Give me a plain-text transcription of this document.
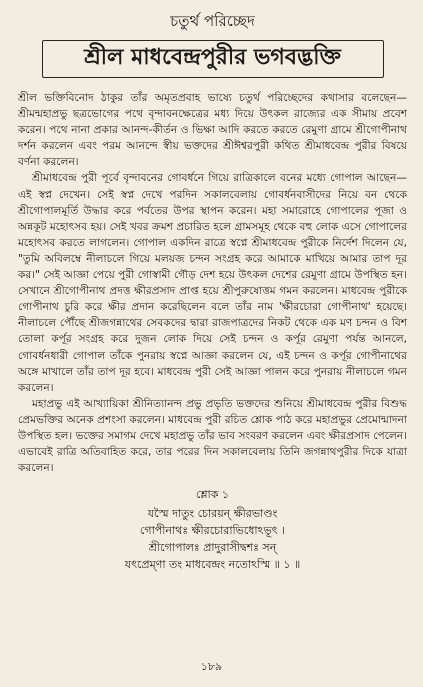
চতুর্থ পরিচ্ছেদ
শ্রীল মাধবেন্দ্রপুরীর ভগবদ্ভক্তি

শ্রীল ভক্তিবিনোদ ঠাকুর তাঁর অমৃতপ্রবাহ ভাষ্যে চতুর্থ পরিচ্ছেদের কথাসার বলেছেন—শ্রীমন্মহাপ্রভু ছত্রভোগের পথে বৃন্দাবনক্ষেত্রের মধ্য দিয়ে উৎকল রাজ্যের এক সীমায় প্রবেশ করেন। পথে নানা প্রকার আনন্দ-কীর্তন ও ভিক্ষা আদি করতে করতে রেমুণা গ্রামে শ্রীগোপীনাথ দর্শন করলেন এবং পরম আনন্দে স্বীয় ভক্তদের শ্রীঈশ্বরপুরী কথিত শ্রীমাধবেন্দ্র পুরীর বিষয়ে বর্ণনা করলেন।

শ্রীমাধবেন্দ্র পুরী পূর্বে বৃন্দাবনের গোবর্ধনে গিয়ে রাত্রিকালে বনের মধ্যে গোপাল আছেন—এই স্বপ্ন দেখেন। সেই স্বপ্ন দেখে পরদিন সকালবেলায় গোবর্ধনবাসীদের নিয়ে বন থেকে শ্রীগোপালমূর্তি উদ্ধার করে পর্বতের উপর স্থাপন করেন। মহা সমারোহে গোপালের পূজা ও অন্নকূট মহোৎসব হয়। সেই খবর ক্রমশ প্রচারিত হলে গ্রামসমূহ থেকে বহু লোক এসে গোপালের মহোৎসব করতে লাগলেন। গোপাল একদিন রাত্রে স্বপ্নে শ্রীমাধবেন্দ্র পুরীকে নির্দেশ দিলেন যে, "তুমি অবিলম্বে নীলাচলে গিয়ে মলয়জ চন্দন সংগ্রহ করে আমাকে মাখিয়ে আমার তাপ দূর কর।" সেই আজ্ঞা পেয়ে পুরী গোস্বামী গৌড় দেশ হয়ে উৎকল দেশের রেমুণা গ্রামে উপস্থিত হন। সেখানে শ্রীগোপীনাথ প্রদত্ত ক্ষীরপ্রসাদ প্রাপ্ত হয়ে শ্রীপুরুষোত্তম গমন করলেন। মাধবেন্দ্র পুরীকে গোপীনাথ চুরি করে ক্ষীর প্রদান করেছিলেন বলে তাঁর নাম 'ক্ষীরচোরা গোপীনাথ' হয়েছে। নীলাচলে পৌঁছে শ্রীজগন্নাথের সেবকদের দ্বারা রাজপাত্রদের নিকট থেকে এক মণ চন্দন ও বিশ তোলা কর্পূর সংগ্রহ করে দুজন লোক দিয়ে সেই চন্দন ও কর্পূর রেমুণা পর্যন্ত আনলে, গোবর্ধনধারী গোপাল তাঁকে পুনরায় স্বপ্নে আজ্ঞা করলেন যে, এই চন্দন ও কর্পূর গোপীনাথের অঙ্গে মাখালে তাঁর তাপ দূর হবে। মাধবেন্দ্র পুরী সেই আজ্ঞা পালন করে পুনরায় নীলাচলে গমন করলেন।

মহাপ্রভু এই আখ্যায়িকা শ্রীনিত্যানন্দ প্রভু প্রভৃতি ভক্তদের শুনিয়ে শ্রীমাধবেন্দ্র পুরীর বিশুদ্ধ প্রেমভক্তির অনেক প্রশংসা করলেন। মাধবেন্দ্র পুরী রচিত শ্লোক পাঠ করে মহাপ্রভুর প্রেমোন্মাদনা উপস্থিত হল। ভক্তের সমাগম দেখে মহাপ্রভু তাঁর ভাব সংবরণ করলেন এবং ক্ষীরপ্রসাদ পেলেন। এভাবেই রাত্রি অতিবাহিত করে, তার পরের দিন সকালবেলায় তিনি জগন্নাথপুরীর দিকে যাত্রা করলেন।

শ্লোক ১
যস্মৈ দাতুং চোরয়ন্ ক্ষীরভাণ্ডং
গোপীনাথঃ ক্ষীরচোরাভিধোঽভূৎ ।
শ্রীগোপালঃ প্রাদুরাসীদ্বশঃ সন্
যৎপ্রেম্ণা তং মাধবেন্দ্রং নতোঽস্মি ॥ ১ ॥
১৮৯
